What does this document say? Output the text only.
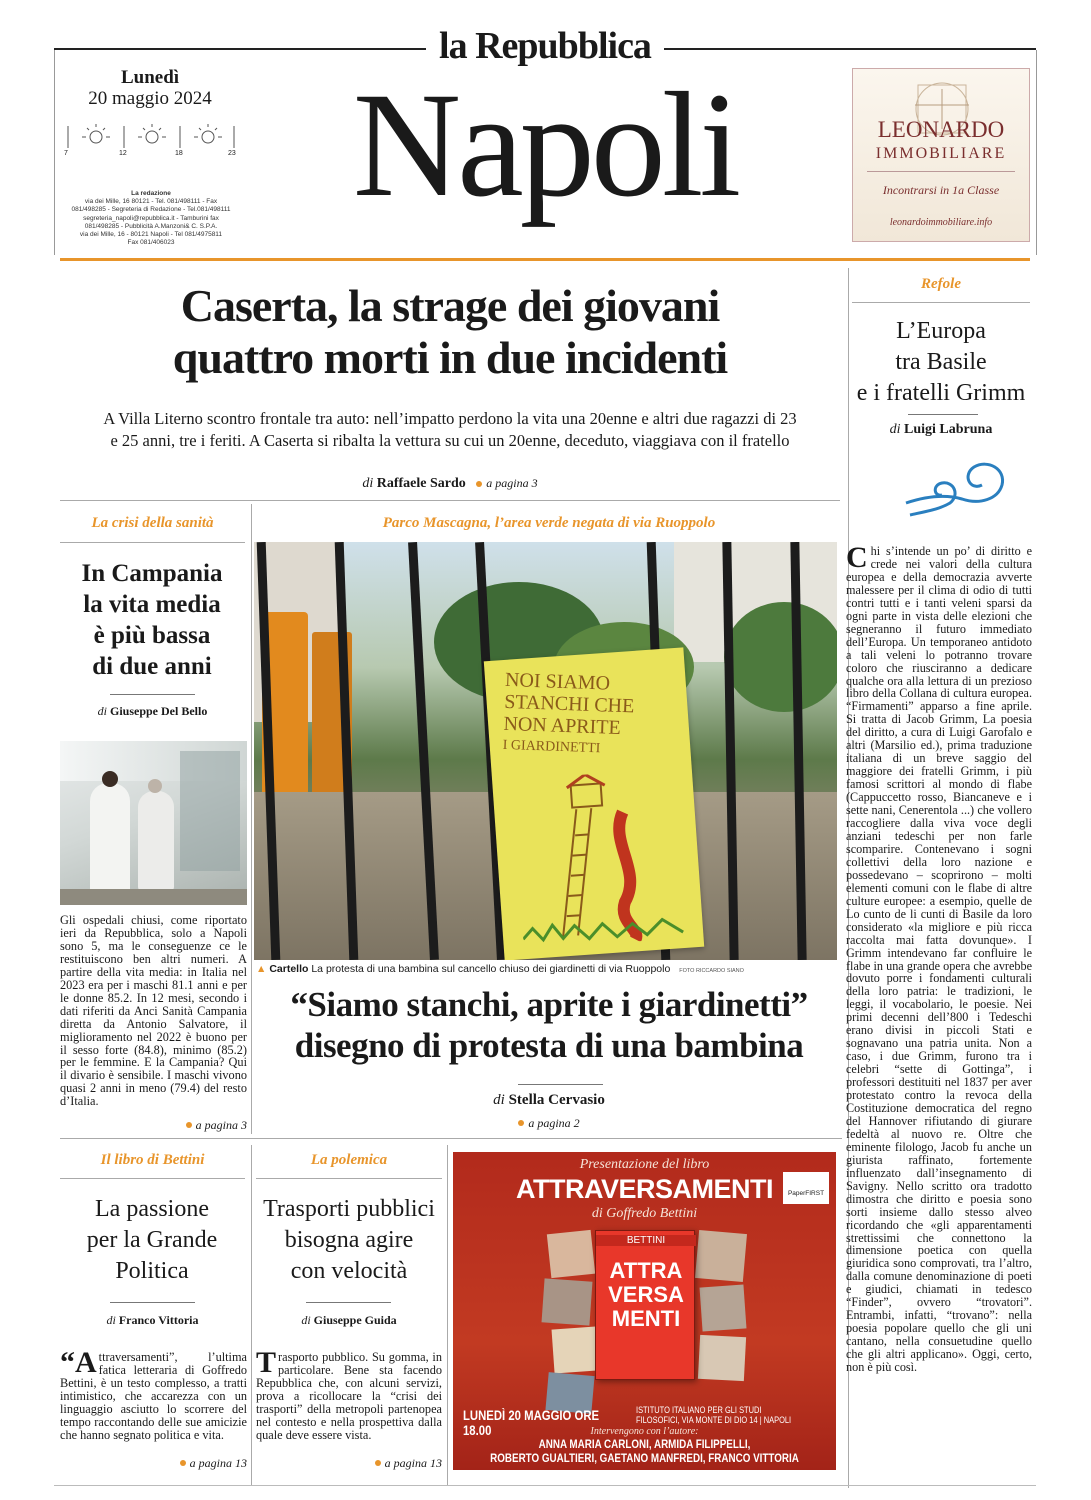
la Repubblica
Napoli
Lunedì
20 maggio 2024
7	12	18	23
La redazione
via dei Mille, 16 80121 - Tel. 081/498111 - Fax
081/498285 - Segreteria di Redazione - Tel.081/498111
segreteria_napoli@repubblica.it - Tamburini fax
081/498285 - Pubblicità A.Manzoni& C. S.P.A.
via dei Mille, 16 - 80121 Napoli - Tel 081/4975811
Fax 081/406023
LEONARDO
IMMOBILIARE
Incontrarsi in 1a Classe
leonardoimmobiliare.info
Caserta, la strage dei giovani
quattro morti in due incidenti
A Villa Literno scontro frontale tra auto: nell’impatto perdono la vita una 20enne e altri due ragazzi di 23
e 25 anni, tre i feriti. A Caserta si ribalta la vettura su cui un 20enne, deceduto, viaggiava con il fratello
di Raffaele Sardo a pagina 3
Refole
L’Europa
tra Basile
e i fratelli Grimm
di Luigi Labruna
C hi s’intende un po’ di diritto e crede nei valori della cultura europea e della democrazia avverte malessere per il clima di odio di tutti contri tutti e i tanti veleni sparsi da ogni parte in vista delle elezioni che segneranno il futuro immediato dell’Europa. Un temporaneo antidoto a tali veleni lo potranno trovare coloro che riusciranno a dedicare qualche ora alla lettura di un prezioso libro della Collana di cultura europea. “Firmamenti” apparso a fine aprile. Si tratta di Jacob Grimm, La poesia del diritto, a cura di Luigi Garofalo e altri (Marsilio ed.), prima traduzione italiana di un breve saggio del maggiore dei fratelli Grimm, i più famosi scrittori al mondo di flabe (Cappuccetto rosso, Biancaneve e i sette nani, Cenerentola ...) che vollero raccogliere dalla viva voce degli anziani tedeschi per non farle scomparire. Contenevano i sogni collettivi della loro nazione e possedevano – scoprirono – molti elementi comuni con le flabe di altre culture europee: a esempio, quelle de Lo cunto de li cunti di Basile da loro considerato «la migliore e più ricca raccolta mai fatta dovunque». I Grimm intendevano far confluire le flabe in una grande opera che avrebbe dovuto porre i fondamenti culturali della loro patria: le tradizioni, le leggi, il vocabolario, le poesie. Nei primi decenni dell’800 i Tedeschi erano divisi in piccoli Stati e sognavano una patria unita. Non a caso, i due Grimm, furono tra i celebri “sette di Gottinga”, i professori destituiti nel 1837 per aver protestato contro la revoca della Costituzione democratica del regno del Hannover rifiutando di giurare fedeltà al nuovo re. Oltre che eminente filologo, Jacob fu anche un giurista raffinato, fortemente influenzato dall’insegnamento di Savigny. Nello scritto ora tradotto dimostra che diritto e poesia sono sorti insieme dallo stesso alveo ricordando che «gli apparentamenti strettissimi che connettono la dimensione poetica con quella giuridica sono comprovati, tra l’altro, dalla comune denominazione di poeti e giudici, chiamati in tedesco “Finder”, ovvero “trovatori”. Entrambi, infatti, “trovano”: nella poesia popolare quello che gli uni cantano, nella consuetudine quello che gli altri applicano». Oggi, certo, non è più così.
La crisi della sanità
In Campania
la vita media
è più bassa
di due anni
di Giuseppe Del Bello
Gli ospedali chiusi, come riportato ieri da Repubblica, solo a Napoli sono 5, ma le conseguenze ce le restituiscono ben altri numeri. A partire della vita media: in Italia nel 2023 era per i maschi 81.1 anni e per le donne 85.2. In 12 mesi, secondo i dati riferiti da Anci Sanità Campania diretta da Antonio Salvatore, il miglioramento nel 2022 è buono per il sesso forte (84.8), minimo (85.2) per le femmine. E la Campania? Qui il divario è sensibile. I maschi vivono quasi 2 anni in meno (79.4) del resto d’Italia.
a pagina 3
Parco Mascagna, l’area verde negata di via Ruoppolo
NOI SIAMO
STANCHI CHE
NON APRITE
I GIARDINETTI
▲ Cartello La protesta di una bambina sul cancello chiuso dei giardinetti di via Ruoppolo FOTO RICCARDO SIANO
“Siamo stanchi, aprite i giardinetti”
disegno di protesta di una bambina
di Stella Cervasio
a pagina 2
Il libro di Bettini
La passione
per la Grande
Politica
di Franco Vittoria
“A ttraversamenti”, l’ultima fatica letteraria di Goffredo Bettini, è un testo complesso, a tratti intimistico, che accarezza con un linguaggio asciutto lo scorrere del tempo raccontando delle sue amicizie che hanno segnato politica e vita.
a pagina 13
La polemica
Trasporti pubblici
bisogna agire
con velocità
di Giuseppe Guida
T rasporto pubblico. Su gomma, in particolare. Bene sta facendo Repubblica che, con alcuni servizi, prova a ricollocare la “crisi dei trasporti” della metropoli partenopea nel contesto e nella prospettiva dalla quale deve essere vista.
a pagina 13
Presentazione del libro
ATTRAVERSAMENTI
di Goffredo Bettini
PaperFIRST
BETTINI
ATTRA
VERSA
MENTI
LUNEDÌ 20 MAGGIO ORE 18.00
ISTITUTO ITALIANO PER GLI STUDI
FILOSOFICI, VIA MONTE DI DIO 14 | NAPOLI
Intervengono con l’autore:
ANNA MARIA CARLONI, ARMIDA FILIPPELLI,
ROBERTO GUALTIERI, GAETANO MANFREDI, FRANCO VITTORIA
